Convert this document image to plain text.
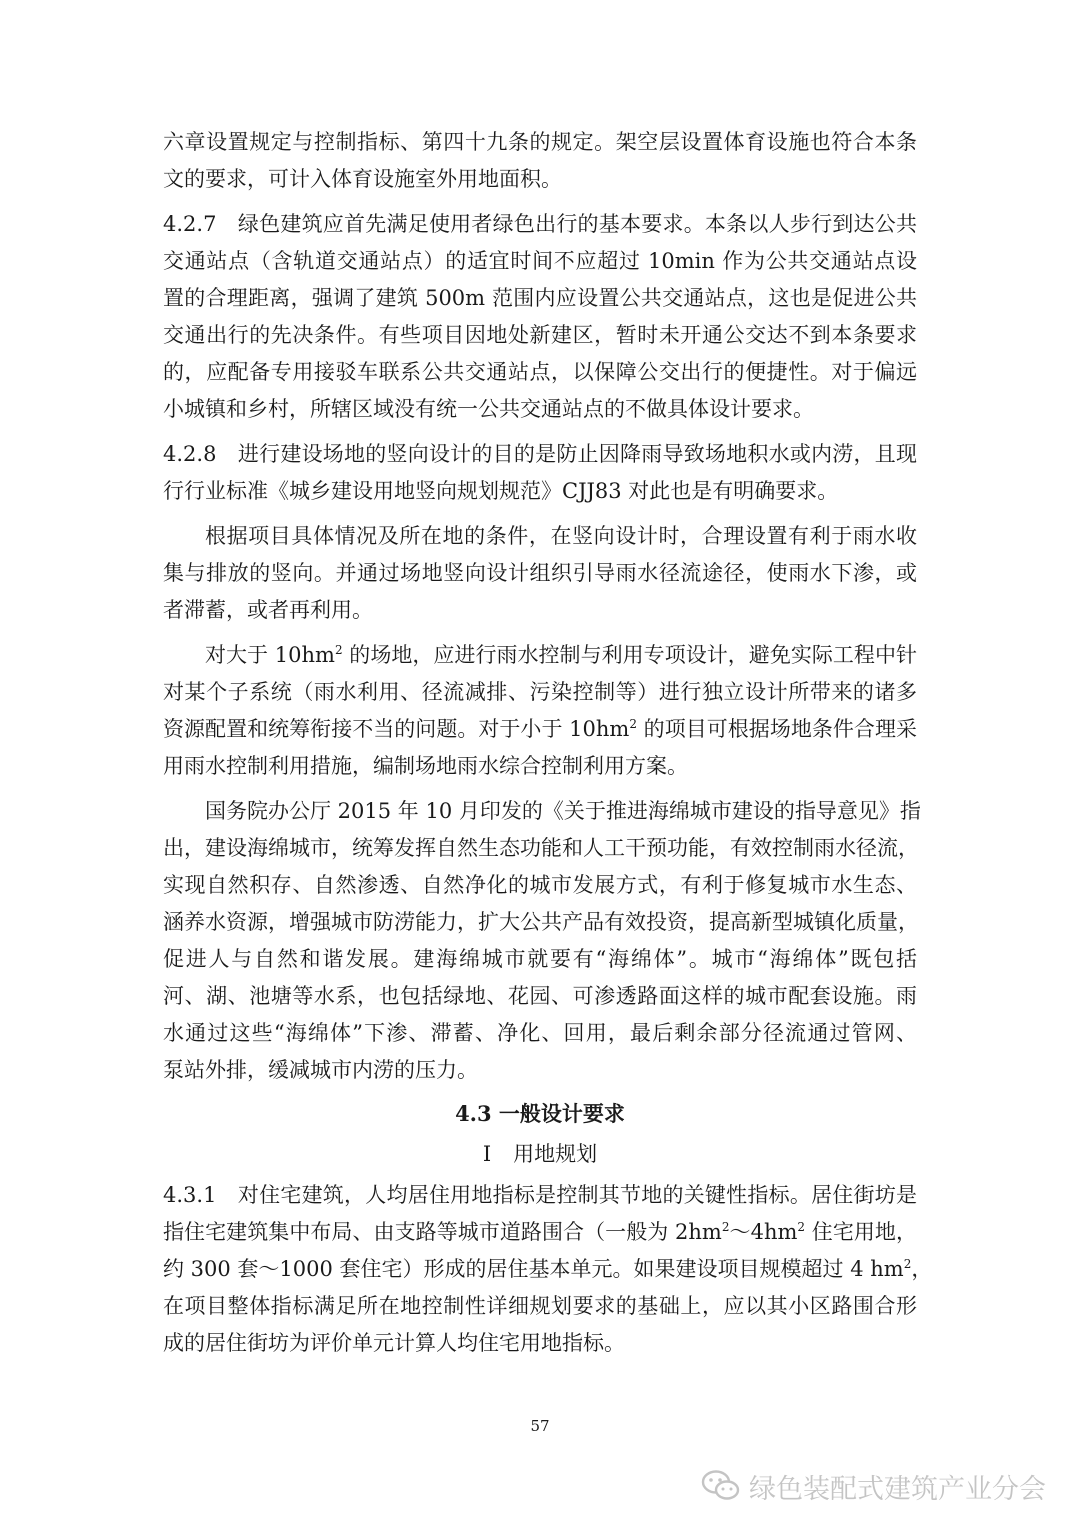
六章设置规定与控制指标、第四十九条的规定。架空层设置体育设施也符合本条
文的要求，可计入体育设施室外用地面积。
4.2.7　绿色建筑应首先满足使用者绿色出行的基本要求。本条以人步行到达公共
交通站点（含轨道交通站点）的适宜时间不应超过 10min 作为公共交通站点设
置的合理距离，强调了建筑 500m 范围内应设置公共交通站点，这也是促进公共
交通出行的先决条件。有些项目因地处新建区，暂时未开通公交达不到本条要求
的，应配备专用接驳车联系公共交通站点，以保障公交出行的便捷性。对于偏远
小城镇和乡村，所辖区域没有统一公共交通站点的不做具体设计要求。
4.2.8　进行建设场地的竖向设计的目的是防止因降雨导致场地积水或内涝，且现
行行业标准《城乡建设用地竖向规划规范》CJJ83 对此也是有明确要求。
根据项目具体情况及所在地的条件，在竖向设计时，合理设置有利于雨水收
集与排放的竖向。并通过场地竖向设计组织引导雨水径流途径，使雨水下渗，或
者滞蓄，或者再利用。
对大于 $10hm^2$ 的场地，应进行雨水控制与利用专项设计，避免实际工程中针
对某个子系统（雨水利用、径流减排、污染控制等）进行独立设计所带来的诸多
资源配置和统筹衔接不当的问题。对于小于 $10hm^2$ 的项目可根据场地条件合理采
用雨水控制利用措施，编制场地雨水综合控制利用方案。
国务院办公厅 2015 年 10 月印发的《关于推进海绵城市建设的指导意见》指
出，建设海绵城市，统筹发挥自然生态功能和人工干预功能，有效控制雨水径流，
实现自然积存、自然渗透、自然净化的城市发展方式，有利于修复城市水生态、
涵养水资源，增强城市防涝能力，扩大公共产品有效投资，提高新型城镇化质量，
促进人与自然和谐发展。建海绵城市就要有“海绵体”。城市“海绵体”既包括
河、湖、池塘等水系，也包括绿地、花园、可渗透路面这样的城市配套设施。雨
水通过这些“海绵体”下渗、滞蓄、净化、回用，最后剩余部分径流通过管网、
泵站外排，缓减城市内涝的压力。
4.3 一般设计要求
I 用地规划
4.3.1　对住宅建筑，人均居住用地指标是控制其节地的关键性指标。居住街坊是
指住宅建筑集中布局、由支路等城市道路围合（一般为 $2hm^2\sim 4hm^2$ 住宅用地，
约 300 套～1000 套住宅）形成的居住基本单元。如果建设项目规模超过 4 $hm^2$，
在项目整体指标满足所在地控制性详细规划要求的基础上，应以其小区路围合形
成的居住街坊为评价单元计算人均住宅用地指标。
57
绿色装配式建筑产业分会
